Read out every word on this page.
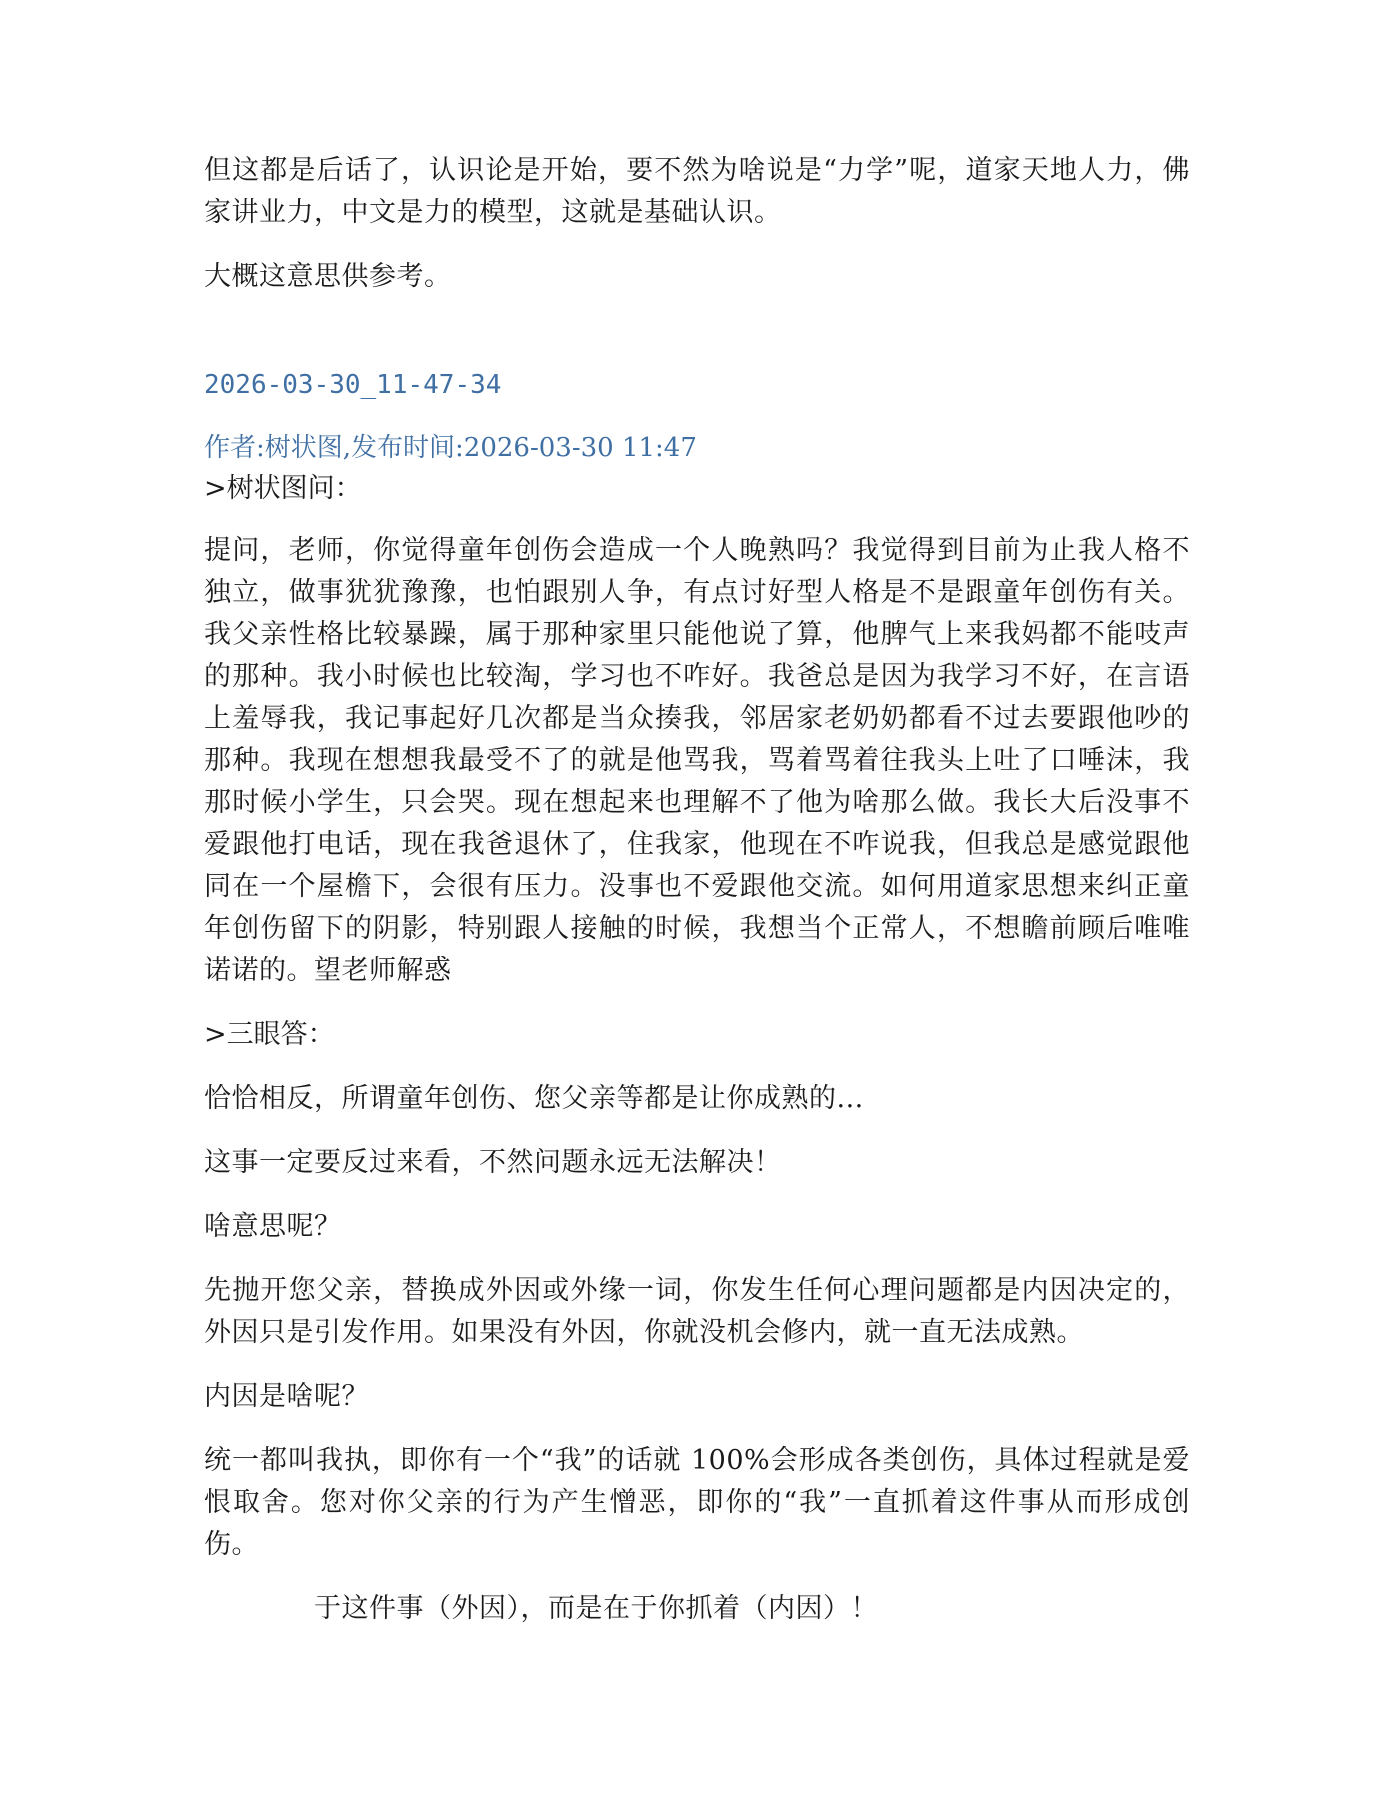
但这都是后话了，认识论是开始，要不然为啥说是“力学”呢，道家天地人力，佛家讲业力，中文是力的模型，这就是基础认识。

大概这意思供参考。

2026-03-30_11-47-34

作者:树状图,发布时间:2026-03-30 11:47

>树状图问：

提问，老师，你觉得童年创伤会造成一个人晚熟吗？我觉得到目前为止我人格不独立，做事犹犹豫豫，也怕跟别人争，有点讨好型人格是不是跟童年创伤有关。我父亲性格比较暴躁，属于那种家里只能他说了算，他脾气上来我妈都不能吱声的那种。我小时候也比较淘，学习也不咋好。我爸总是因为我学习不好，在言语上羞辱我，我记事起好几次都是当众揍我，邻居家老奶奶都看不过去要跟他吵的那种。我现在想想我最受不了的就是他骂我，骂着骂着往我头上吐了口唾沫，我那时候小学生，只会哭。现在想起来也理解不了他为啥那么做。我长大后没事不爱跟他打电话，现在我爸退休了，住我家，他现在不咋说我，但我总是感觉跟他同在一个屋檐下，会很有压力。没事也不爱跟他交流。如何用道家思想来纠正童年创伤留下的阴影，特别跟人接触的时候，我想当个正常人，不想瞻前顾后唯唯诺诺的。望老师解惑

>三眼答：

恰恰相反，所谓童年创伤、您父亲等都是让你成熟的...

这事一定要反过来看，不然问题永远无法解决！

啥意思呢？

先抛开您父亲，替换成外因或外缘一词，你发生任何心理问题都是内因决定的，外因只是引发作用。如果没有外因，你就没机会修内，就一直无法成熟。

内因是啥呢？

统一都叫我执，即你有一个“我”的话就 100%会形成各类创伤，具体过程就是爱恨取舍。您对你父亲的行为产生憎恶，即你的“我”一直抓着这件事从而形成创伤。

于这件事（外因），而是在于你抓着（内因）！
